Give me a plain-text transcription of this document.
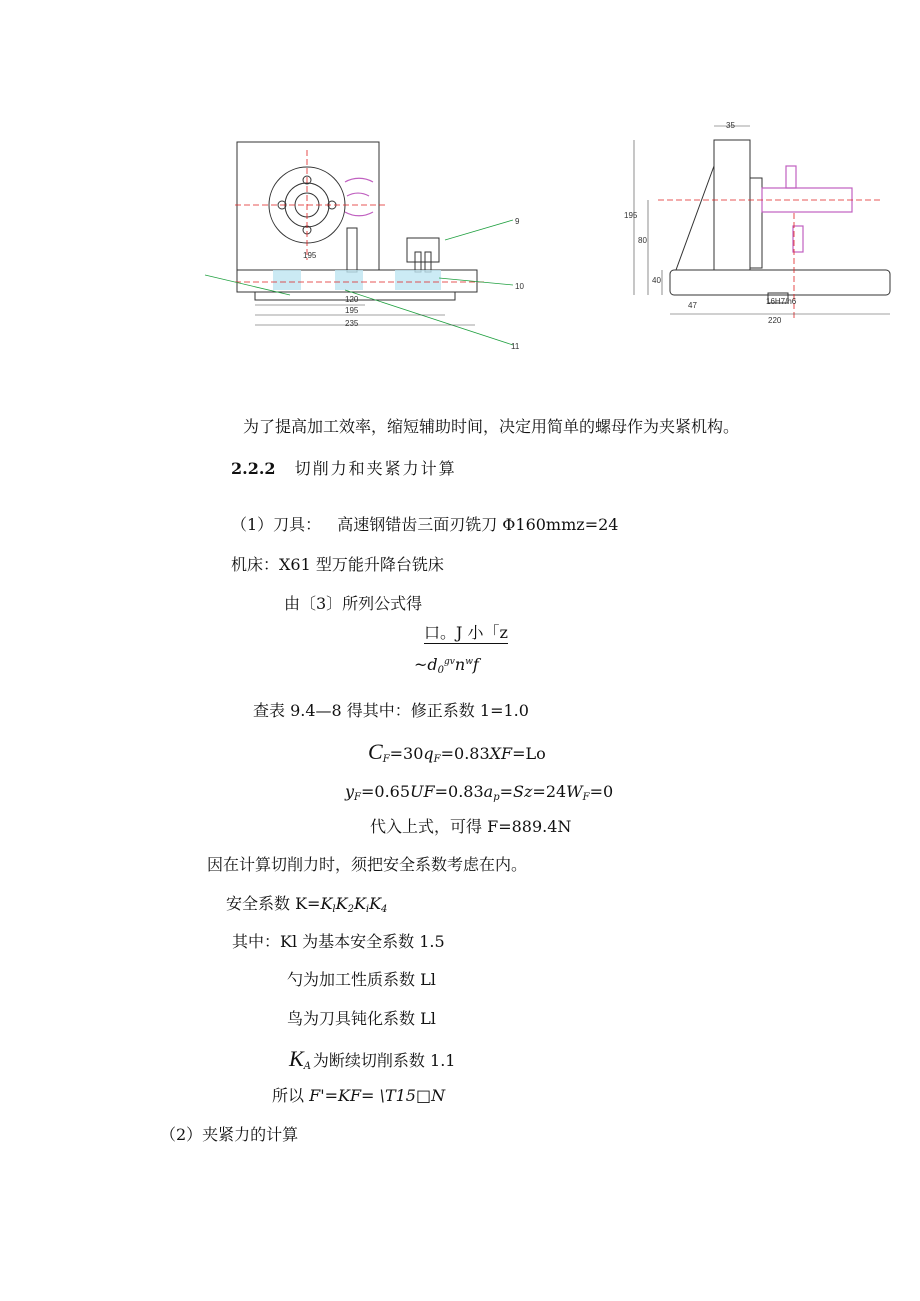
195
120
195
235
9
10
11
35
195
80
40
47
220
16H7/h6
为了提高加工效率，缩短辅助时间，决定用简单的螺母作为夹紧机构。
2.2.2 切削力和夹紧力计算
（1）刀具： 高速钢错齿三面刃铣刀 Φ160mmz=24
机床：X61 型万能升降台铣床
由〔3〕所列公式得
口。J 小「z
$\sim d_0^{gv}n^wf$
查表 9.4—8 得其中：修正系数 1=1.0
$C_F=30q_F=0.83XF=Lo$
$y_F=0.65UF=0.83a_p=Sz=24W_F=0$
代入上式，可得 F=889.4N
因在计算切削力时，须把安全系数考虑在内。
安全系数 $K=K_lK_2K_iK_4$
其中：Kl 为基本安全系数 1.5
勺为加工性质系数 Ll
鸟为刀具钝化系数 Ll
$K_A$ 为断续切削系数 1.1
所以 F'=KF= \T15□N
（2）夹紧力的计算
